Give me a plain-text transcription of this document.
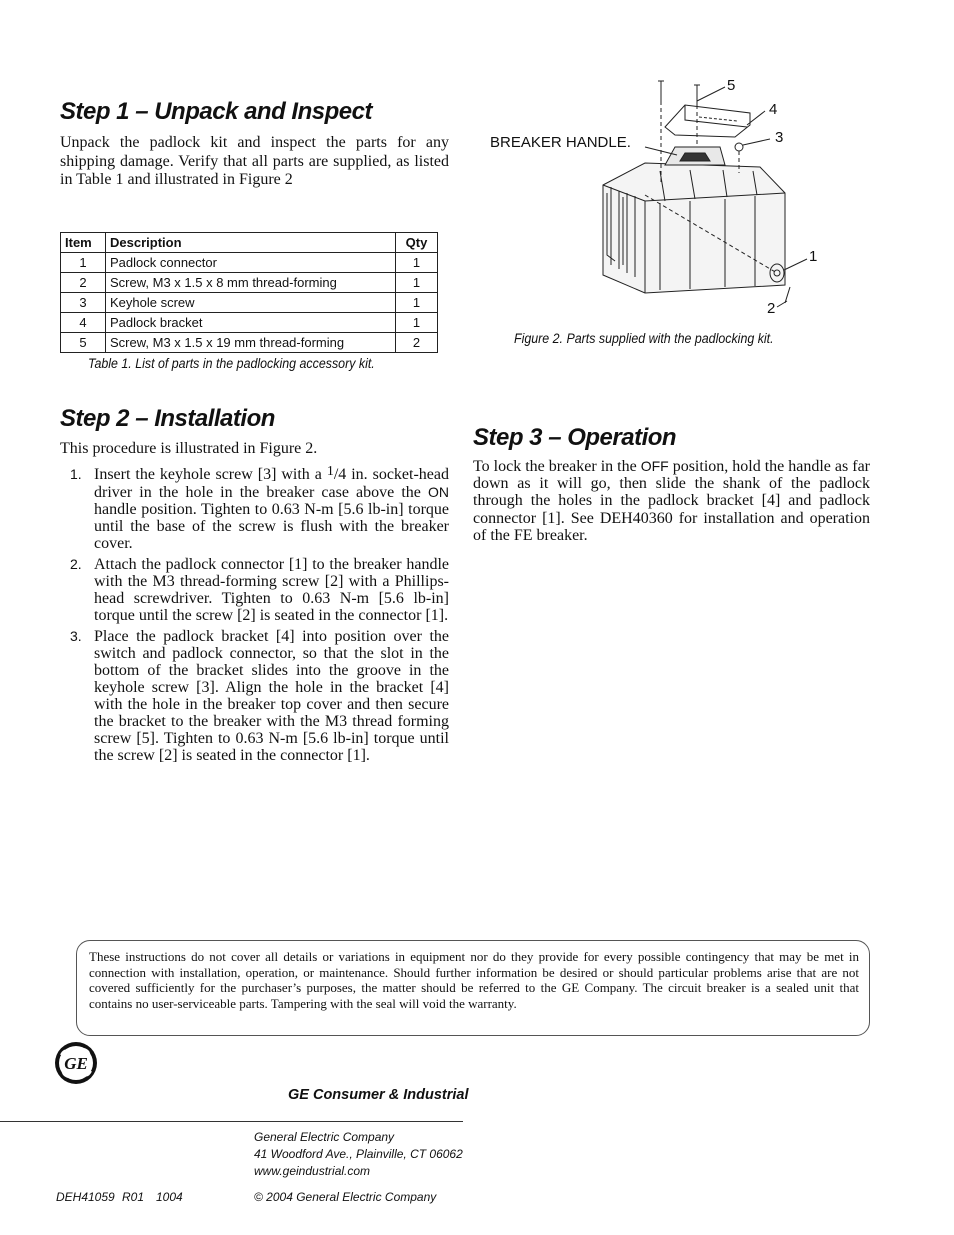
Step 1 – Unpack and Inspect

Unpack the padlock kit and inspect the parts for any shipping damage. Verify that all parts are supplied, as listed in Table 1 and illustrated in Figure 2

Item	Description	Qty
1	Padlock connector	1
2	Screw, M3 x 1.5 x 8 mm thread-forming	1
3	Keyhole screw	1
4	Padlock bracket	1
5	Screw, M3 x 1.5 x 19 mm thread-forming	2
Table 1. List of parts in the padlocking accessory kit.
BREAKER HANDLE.
1
2
3
4
5
Figure 2. Parts supplied with the padlocking kit.
Step 2 – Installation

This procedure is illustrated in Figure 2.

1. Insert the keyhole screw [3] with a 1/4 in. socket-head driver in the hole in the breaker case above the ON handle position. Tighten to 0.63 N-m [5.6 lb-in] torque until the base of the screw is flush with the breaker cover.
2. Attach the padlock connector [1] to the breaker handle with the M3 thread-forming screw [2] with a Phillips-head screwdriver. Tighten to 0.63 N-m [5.6 lb-in] torque until the screw [2] is seated in the connector [1].
3. Place the padlock bracket [4] into position over the switch and padlock connector, so that the slot in the bottom of the bracket slides into the groove in the keyhole screw [3]. Align the hole in the bracket [4] with the hole in the breaker top cover and then secure the bracket to the breaker with the M3 thread forming screw [5]. Tighten to 0.63 N-m [5.6 lb-in] torque until the screw [2] is seated in the connector [1].
Step 3 – Operation

To lock the breaker in the OFF position, hold the handle as far down as it will go, then slide the shank of the padlock through the holes in the padlock bracket [4] and padlock connector [1]. See DEH40360 for installation and operation of the FE breaker.

These instructions do not cover all details or variations in equipment nor do they provide for every possible contingency that may be met in connection with installation, operation, or maintenance. Should further information be desired or should particular problems arise that are not covered sufficiently for the purchaser’s purposes, the matter should be referred to the GE Company. The circuit breaker is a sealed unit that contains no user-serviceable parts. Tampering with the seal will void the warranty.
GE
GE Consumer & Industrial
General Electric Company
41 Woodford Ave., Plainville, CT 06062
www.geindustrial.com
DEH41059 R01 1004	© 2004 General Electric Company
